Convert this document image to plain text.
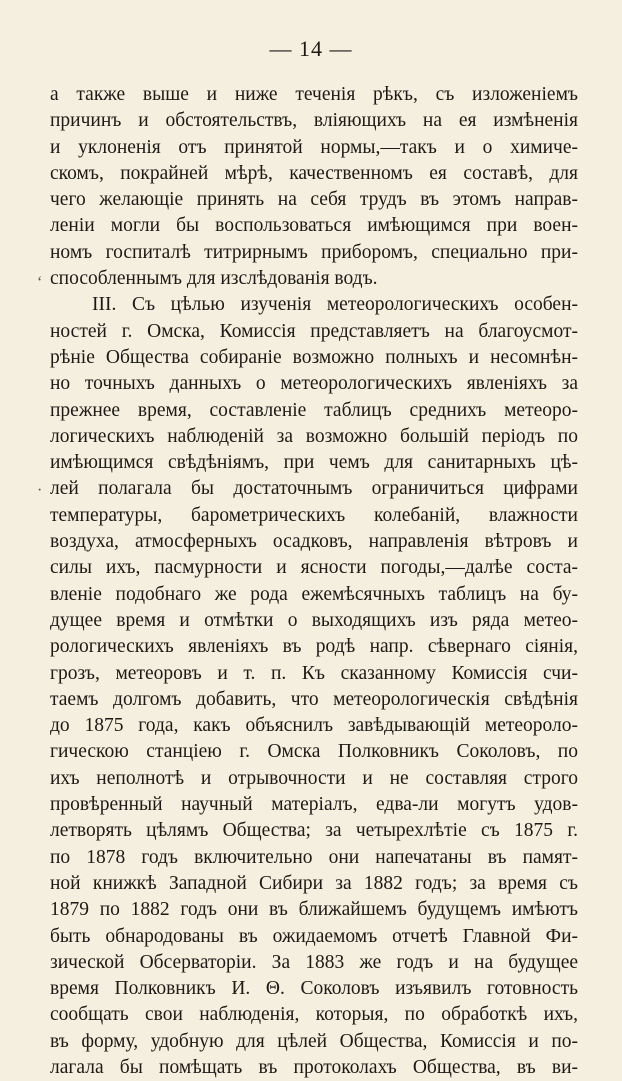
— 14 —
‘
·
а также выше и ниже теченія рѣкъ, съ изложеніемъ
причинъ и обстоятельствъ, вліяющихъ на ея измѣненія
и уклоненія отъ принятой нормы,—такъ и о химиче-
скомъ, покрайней мѣрѣ, качественномъ ея составѣ, для
чего желающіе принять на себя трудъ въ этомъ направ-
леніи могли бы воспользоваться имѣющимся при воен-
номъ госпиталѣ титрирнымъ приборомъ, специально при-
способленнымъ для изслѣдованія водъ.
III. Съ цѣлью изученія метеорологическихъ особен-
ностей г. Омска, Комиссія представляетъ на благоусмот-
рѣніе Общества собираніе возможно полныхъ и несомнѣн-
но точныхъ данныхъ о метеорологическихъ явленіяхъ за
прежнее время, составленіе таблицъ среднихъ метеоро-
логическихъ наблюденій за возможно большій періодъ по
имѣющимся свѣдѣніямъ, при чемъ для санитарныхъ цѣ-
лей полагала бы достаточнымъ ограничиться цифрами
температуры, барометрическихъ колебаній, влажности
воздуха, атмосферныхъ осадковъ, направленія вѣтровъ и
силы ихъ, пасмурности и ясности погоды,—далѣе соста-
вленіе подобнаго же рода ежемѣсячныхъ таблицъ на бу-
дущее время и отмѣтки о выходящихъ изъ ряда метео-
рологическихъ явленіяхъ въ родѣ напр. сѣвернаго сіянія,
грозъ, метеоровъ и т. п. Къ сказанному Комиссія счи-
таемъ долгомъ добавить, что метеорологическія свѣдѣнія
до 1875 года, какъ объяснилъ завѣдывающій метеороло-
гическою станціею г. Омска Полковникъ Соколовъ, по
ихъ неполнотѣ и отрывочности и не составляя строго
провѣренный научный матеріалъ, едва-ли могутъ удов-
летворять цѣлямъ Общества; за четырехлѣтіе съ 1875 г.
по 1878 годъ включительно они напечатаны въ памят-
ной книжкѣ Западной Сибири за 1882 годъ; за время съ
1879 по 1882 годъ они въ ближайшемъ будущемъ имѣютъ
быть обнародованы въ ожидаемомъ отчетѣ Главной Фи-
зической Обсерваторіи. За 1883 же годъ и на будущее
время Полковникъ И. Θ. Соколовъ изъявилъ готовность
сообщать свои наблюденія, которыя, по обработкѣ ихъ,
въ форму, удобную для цѣлей Общества, Комиссія и по-
лагала бы помѣщать въ протоколахъ Общества, въ ви-
